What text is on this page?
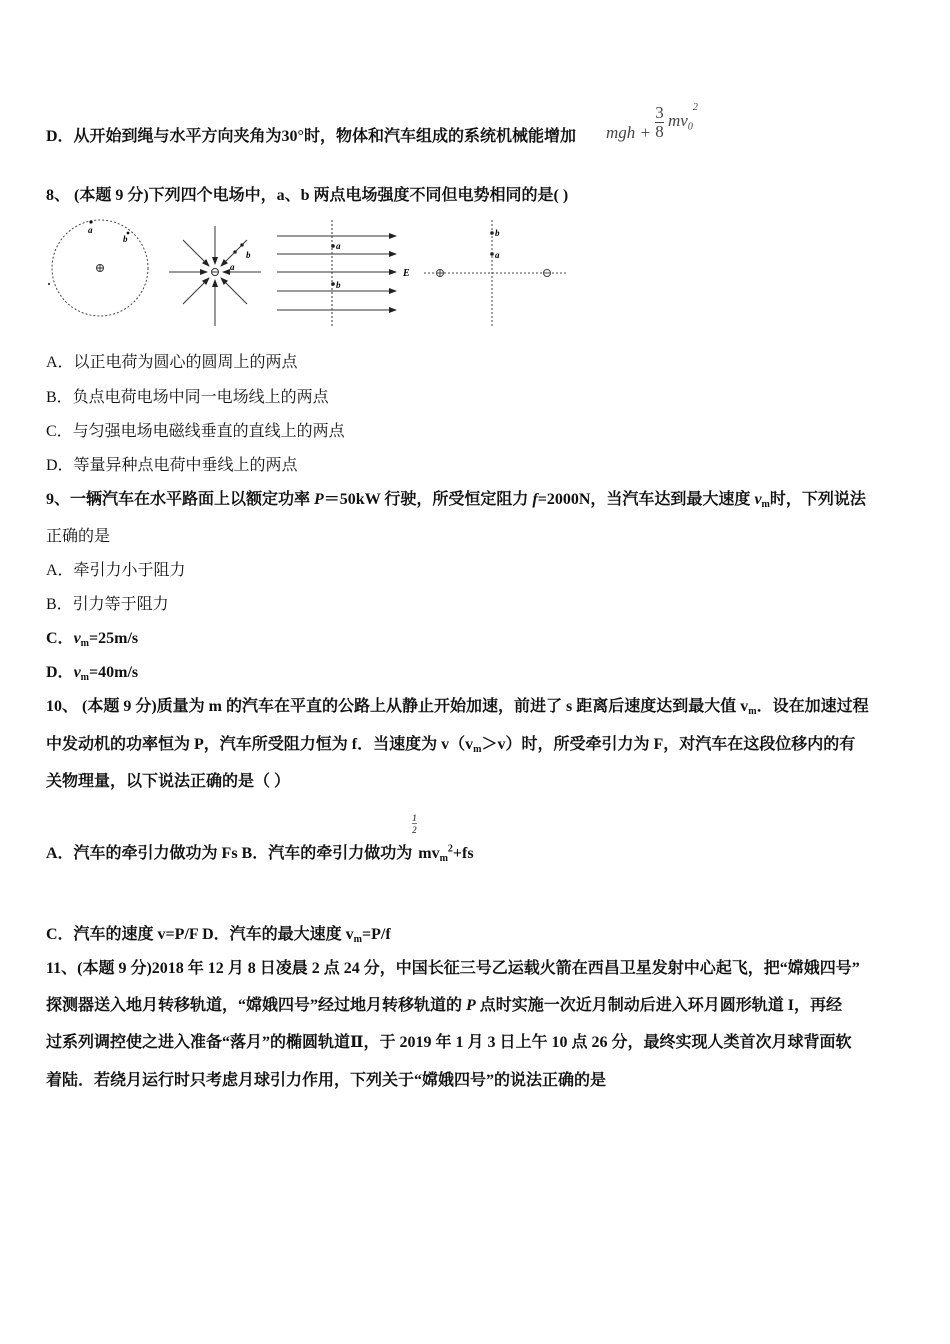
D．从开始到绳与水平方向夹角为30°时，物体和汽车组成的系统机械能增加 mgh + $\frac{3}{8} mv_0^2$
8、 (本题 9 分)下列四个电场中，a、b 两点电场强度不同但电势相同的是( )
a
b
a
b
a
b
E
b
a
A．以正电荷为圆心的圆周上的两点
B．负点电荷电场中同一电场线上的两点
C．与匀强电场电磁线垂直的直线上的两点
D．等量异种点电荷中垂线上的两点
9、一辆汽车在水平路面上以额定功率 P＝50kW 行驶，所受恒定阻力 f=2000N，当汽车达到最大速度 $v_m$时，下列说法
正确的是
A．牵引力小于阻力
B．引力等于阻力
C．$v_m=25m/s$
D．$v_m=40m/s$
10、 (本题 9 分)质量为 m 的汽车在平直的公路上从静止开始加速，前进了 s 距离后速度达到最大值 $v_m$．设在加速过程
中发动机的功率恒为 P，汽车所受阻力恒为 f．当速度为 $v(v_m>v)$时，所受牵引力为 F，对汽车在这段位移内的有
关物理量，以下说法正确的是（ ）
A．汽车的牵引力做功为 Fs B．汽车的牵引力做功为 $\frac{1}{2} mv_m^2+fs$
C．汽车的速度 v=P/F D．汽车的最大速度 $v_m=P/f$
11、(本题 9 分)2018 年 12 月 8 日凌晨 2 点 24 分，中国长征三号乙运载火箭在西昌卫星发射中心起飞，把“嫦娥四号”
探测器送入地月转移轨道，“嫦娥四号”经过地月转移轨道的 P 点时实施一次近月制动后进入环月圆形轨道 I，再经
过系列调控使之进入准备“落月”的椭圆轨道Ⅱ，于 2019 年 1 月 3 日上午 10 点 26 分，最终实现人类首次月球背面软
着陆．若绕月运行时只考虑月球引力作用，下列关于“嫦娥四号”的说法正确的是
